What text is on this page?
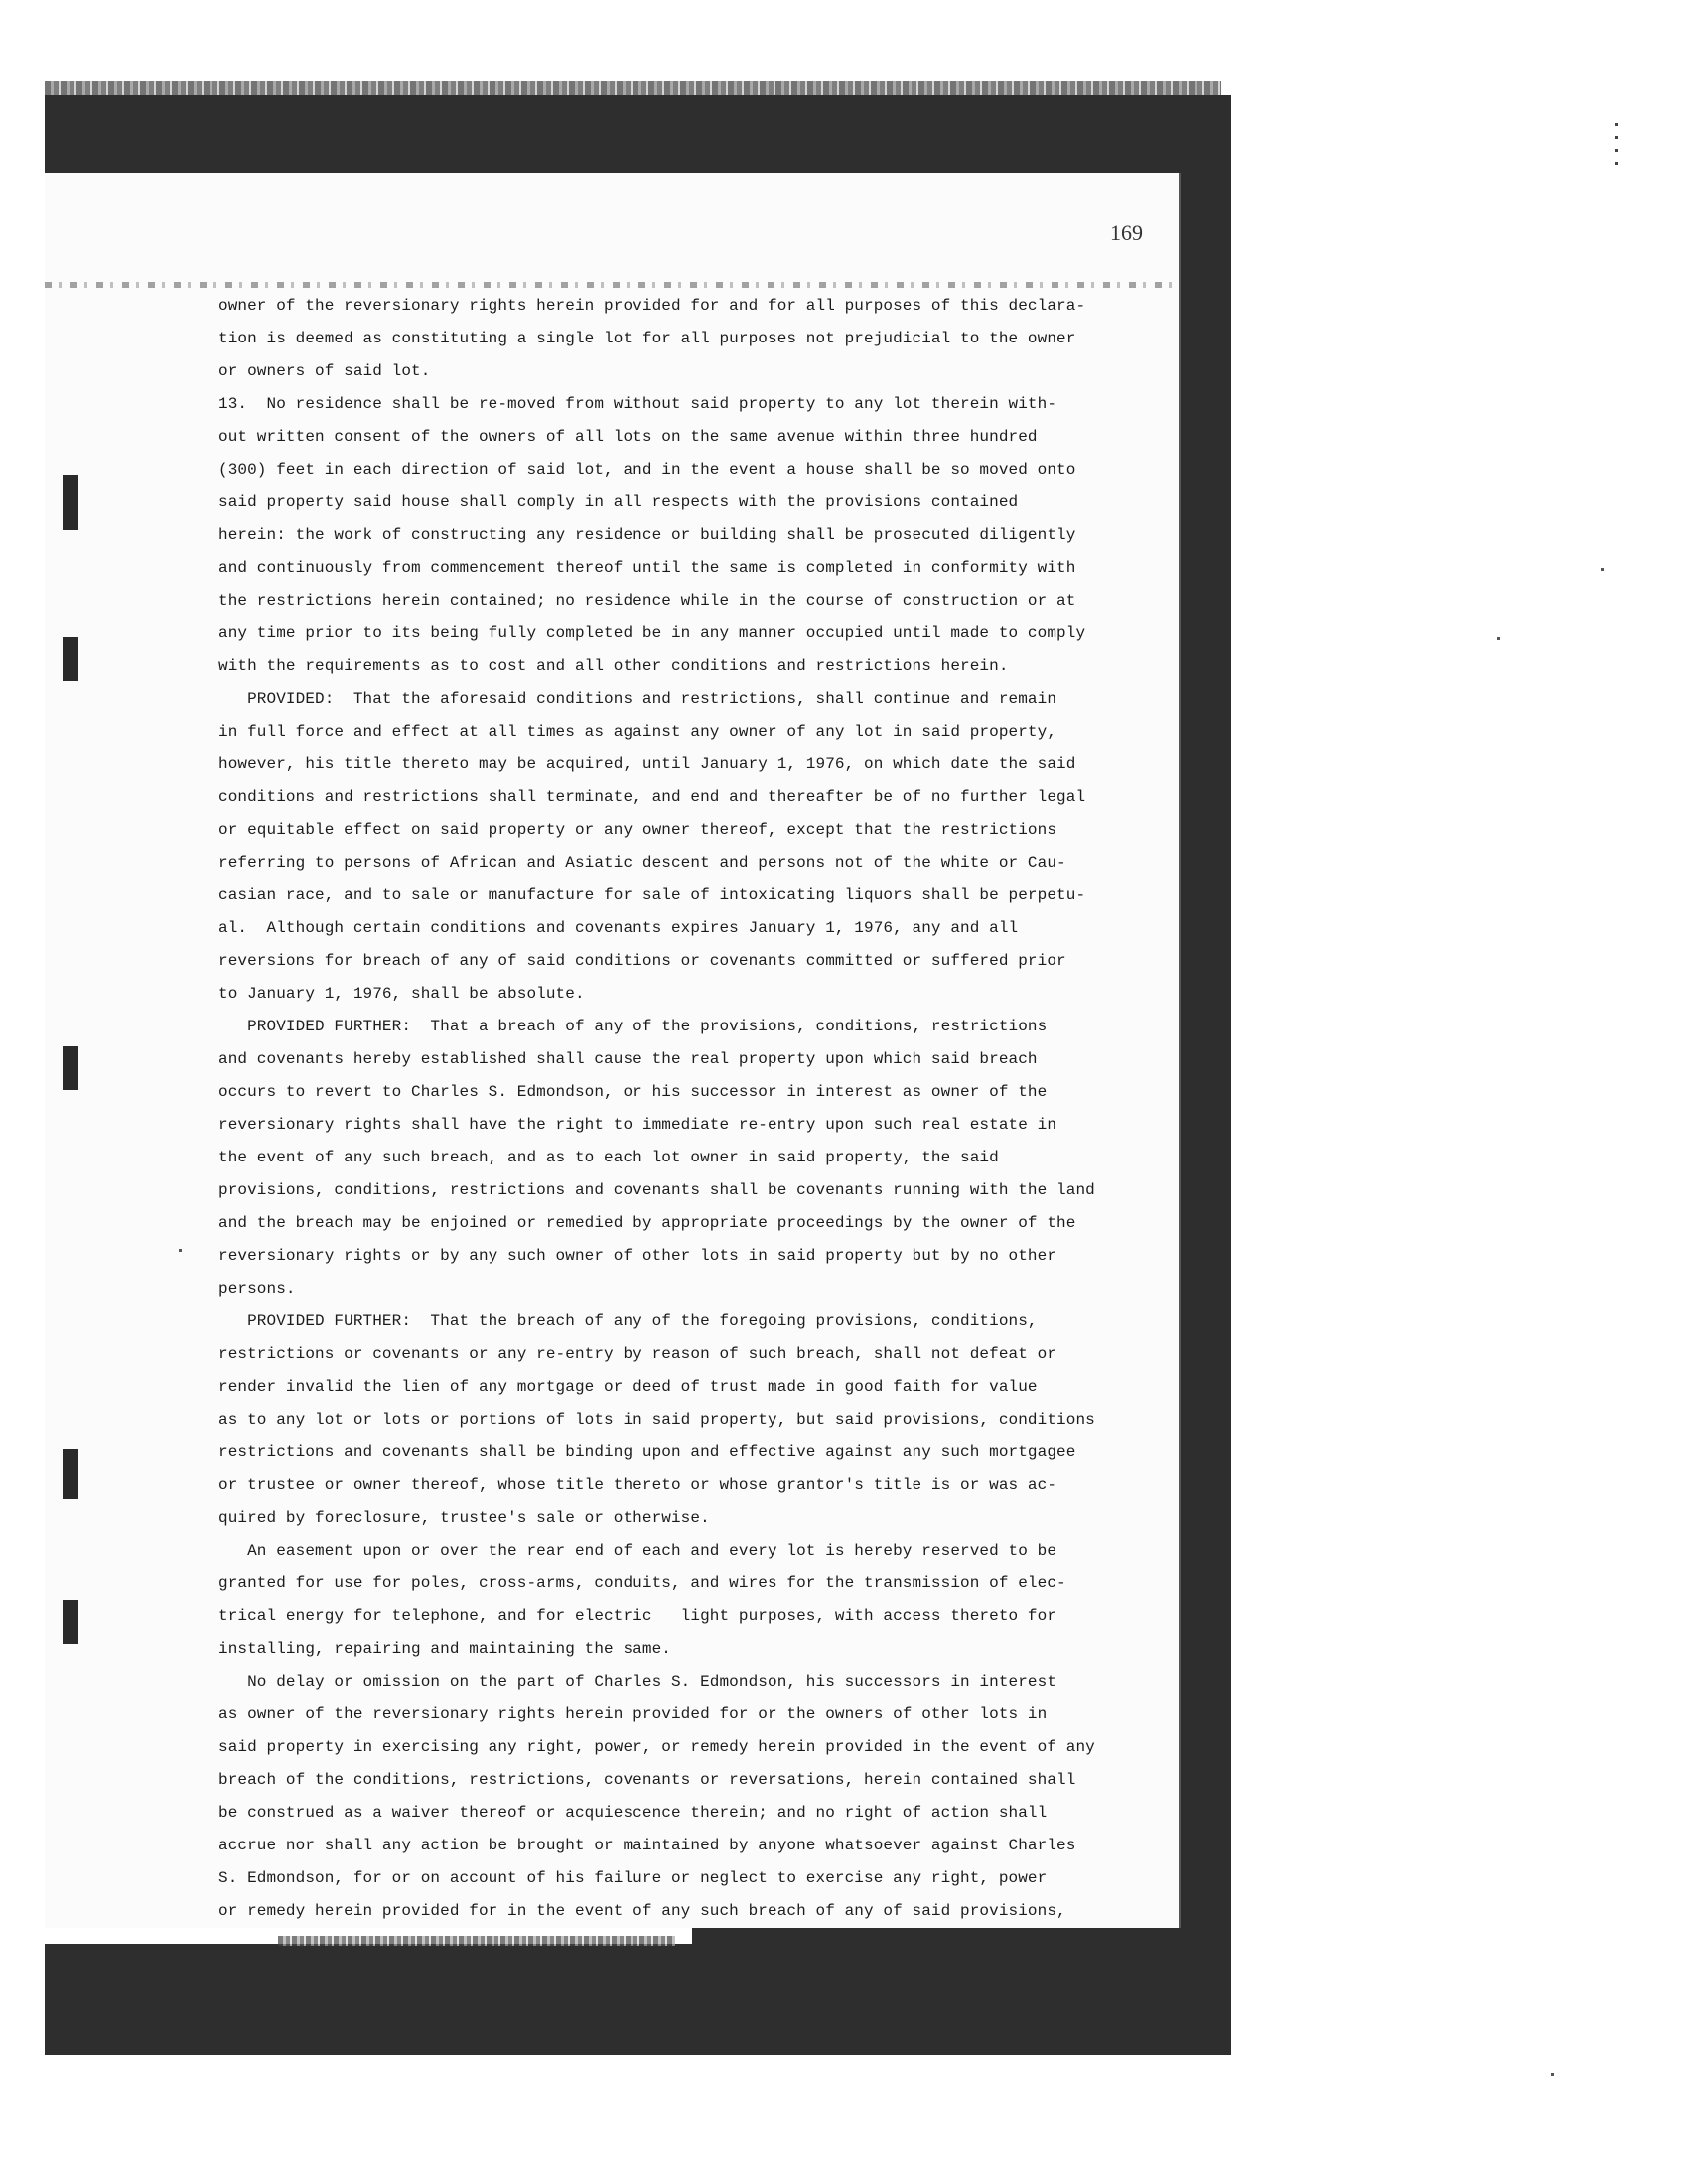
169
owner of the reversionary rights herein provided for and for all purposes of this declara-
tion is deemed as constituting a single lot for all purposes not prejudicial to the owner
or owners of said lot.
13.  No residence shall be re-moved from without said property to any lot therein with-
out written consent of the owners of all lots on the same avenue within three hundred
(300) feet in each direction of said lot, and in the event a house shall be so moved onto
said property said house shall comply in all respects with the provisions contained
herein: the work of constructing any residence or building shall be prosecuted diligently
and continuously from commencement thereof until the same is completed in conformity with
the restrictions herein contained; no residence while in the course of construction or at
any time prior to its being fully completed be in any manner occupied until made to comply
with the requirements as to cost and all other conditions and restrictions herein.
PROVIDED:  That the aforesaid conditions and restrictions, shall continue and remain
in full force and effect at all times as against any owner of any lot in said property,
however, his title thereto may be acquired, until January 1, 1976, on which date the said
conditions and restrictions shall terminate, and end and thereafter be of no further legal
or equitable effect on said property or any owner thereof, except that the restrictions
referring to persons of African and Asiatic descent and persons not of the white or Cau-
casian race, and to sale or manufacture for sale of intoxicating liquors shall be perpetu-
al.  Although certain conditions and covenants expires January 1, 1976, any and all
reversions for breach of any of said conditions or covenants committed or suffered prior
to January 1, 1976, shall be absolute.
PROVIDED FURTHER:  That a breach of any of the provisions, conditions, restrictions
and covenants hereby established shall cause the real property upon which said breach
occurs to revert to Charles S. Edmondson, or his successor in interest as owner of the
reversionary rights shall have the right to immediate re-entry upon such real estate in
the event of any such breach, and as to each lot owner in said property, the said
provisions, conditions, restrictions and covenants shall be covenants running with the land
and the breach may be enjoined or remedied by appropriate proceedings by the owner of the
reversionary rights or by any such owner of other lots in said property but by no other
persons.
PROVIDED FURTHER:  That the breach of any of the foregoing provisions, conditions,
restrictions or covenants or any re-entry by reason of such breach, shall not defeat or
render invalid the lien of any mortgage or deed of trust made in good faith for value
as to any lot or lots or portions of lots in said property, but said provisions, conditions
restrictions and covenants shall be binding upon and effective against any such mortgagee
or trustee or owner thereof, whose title thereto or whose grantor's title is or was ac-
quired by foreclosure, trustee's sale or otherwise.
An easement upon or over the rear end of each and every lot is hereby reserved to be
granted for use for poles, cross-arms, conduits, and wires for the transmission of elec-
trical energy for telephone, and for electric   light purposes, with access thereto for
installing, repairing and maintaining the same.
No delay or omission on the part of Charles S. Edmondson, his successors in interest
as owner of the reversionary rights herein provided for or the owners of other lots in
said property in exercising any right, power, or remedy herein provided in the event of any
breach of the conditions, restrictions, covenants or reversations, herein contained shall
be construed as a waiver thereof or acquiescence therein; and no right of action shall
accrue nor shall any action be brought or maintained by anyone whatsoever against Charles
S. Edmondson, for or on account of his failure or neglect to exercise any right, power
or remedy herein provided for in the event of any such breach of any of said provisions,
